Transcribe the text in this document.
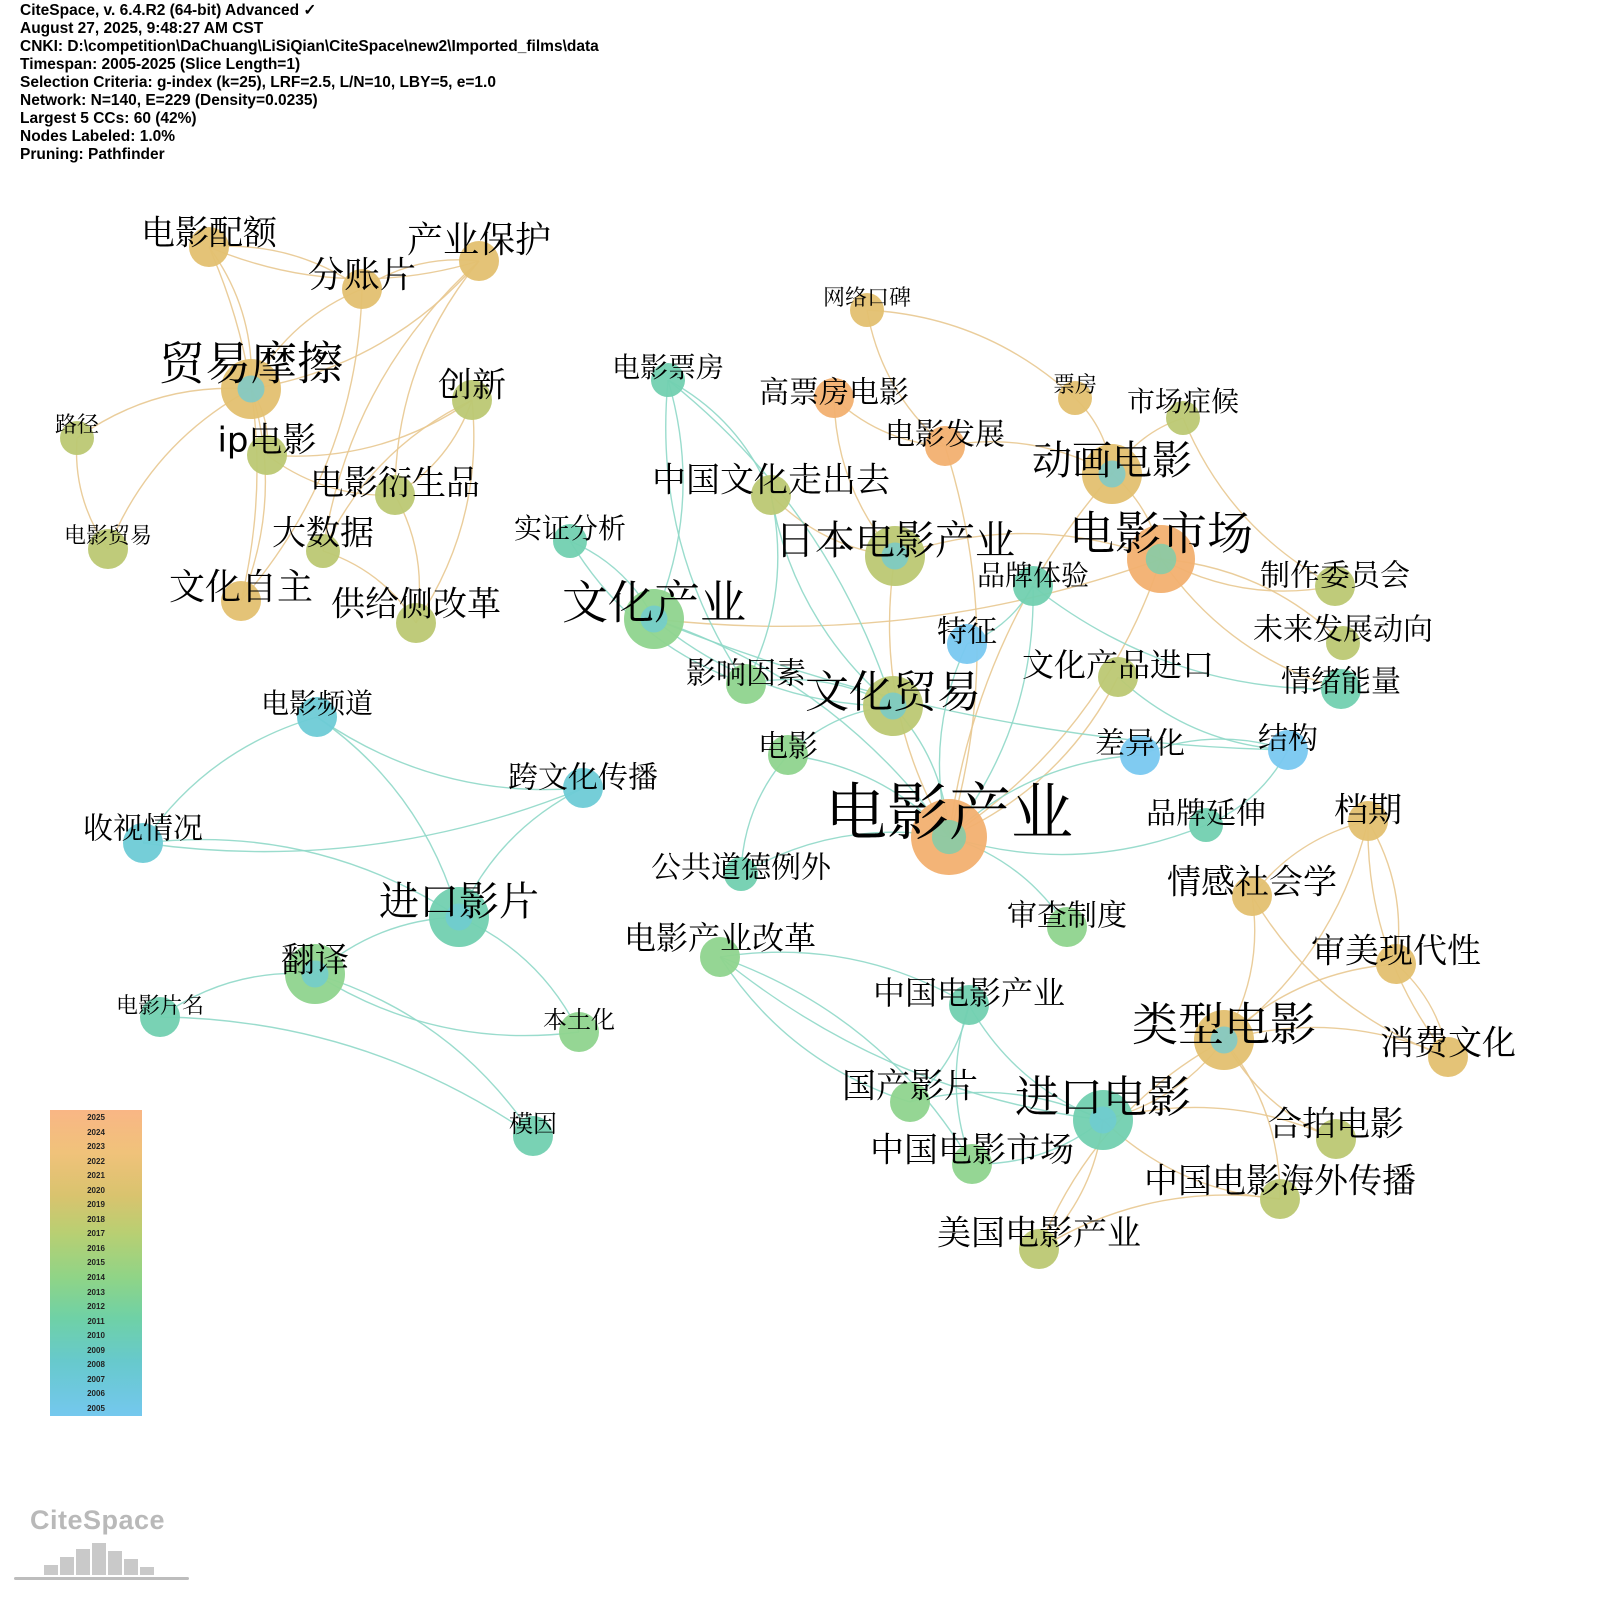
CiteSpace, v. 6.4.R2 (64-bit) Advanced ✓
August 27, 2025, 9:48:27 AM CST
CNKI: D:\competition\DaChuang\LiSiQian\CiteSpace\new2\Imported_films\data
Timespan: 2005-2025 (Slice Length=1)
Selection Criteria: g-index (k=25), LRF=2.5, L/N=10, LBY=5, e=1.0
Network: N=140, E=229 (Density=0.0235)
Largest 5 CCs: 60 (42%)
Nodes Labeled: 1.0%
Pruning: Pathfinder
电影配额	产业保护
分账片
贸易摩擦	创新
路径	ip电影
电影衍生品
电影贸易	大数据
文化自主 供给侧改革
网络口碑
电影票房
高票房电影	票房 市场症候
电影发展
动画电影
中国文化走出去
实证分析	日本电影产业 电影市场
品牌体验	制作委员会
文化产业
特征	未来发展动向
影响因素	文化产品进口 情绪能量
文化贸易
电影频道
电影	差异化 结构
跨文化传播
收视情况	电影产业 品牌延伸 档期
公共道德例外	情感社会学
进口影片	审查制度
电影产业改革
翻译	审美现代性
中国电影产业
电影片名	本土化	类型电影 消费文化
国产影片 进口电影
合拍电影
模因
中国电影市场
中国电影海外传播
美国电影产业
2025
2024
2023
2022
2021
2020
2019
2018
2017
2016
2015
2014
2013
2012
2011
2010
2009
2008
2007
2006
2005
CiteSpace
